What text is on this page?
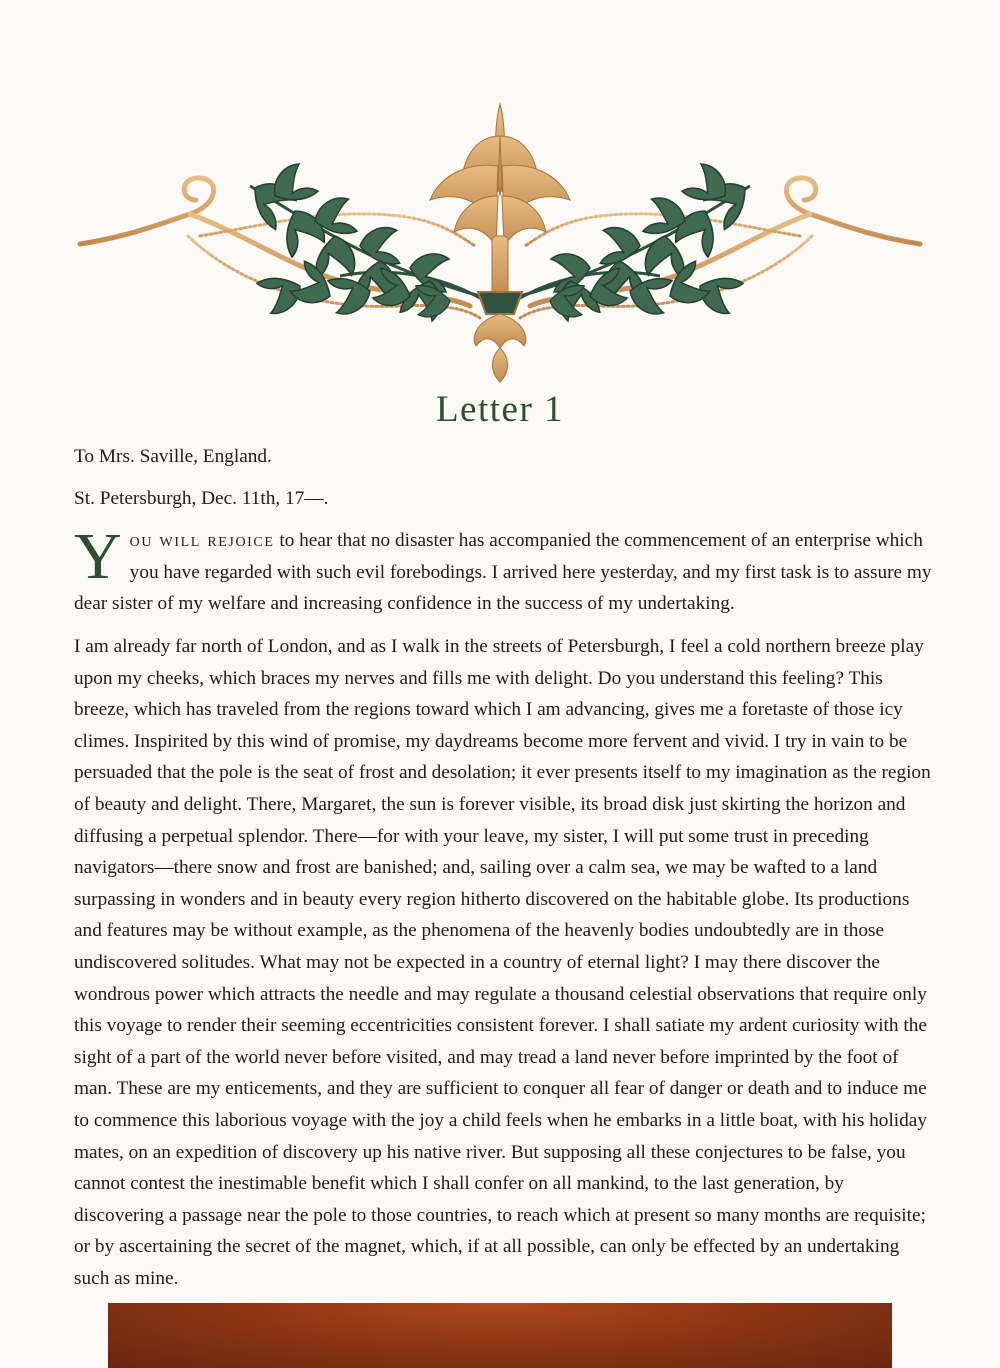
Letter 1

To Mrs. Saville, England.

St. Petersburgh, Dec. 11th, 17—.

You will rejoice to hear that no disaster has accompanied the commencement of an enterprise which you have regarded with such evil forebodings. I arrived here yesterday, and my first task is to assure my dear sister of my welfare and increasing confidence in the success of my undertaking.

I am already far north of London, and as I walk in the streets of Petersburgh, I feel a cold northern breeze play upon my cheeks, which braces my nerves and fills me with delight. Do you understand this feeling? This breeze, which has traveled from the regions toward which I am advancing, gives me a foretaste of those icy climes. Inspirited by this wind of promise, my daydreams become more fervent and vivid. I try in vain to be persuaded that the pole is the seat of frost and desolation; it ever presents itself to my imagination as the region of beauty and delight. There, Margaret, the sun is forever visible, its broad disk just skirting the horizon and diffusing a perpetual splendor. There—for with your leave, my sister, I will put some trust in preceding navigators—there snow and frost are banished; and, sailing over a calm sea, we may be wafted to a land surpassing in wonders and in beauty every region hitherto discovered on the habitable globe. Its productions and features may be without example, as the phenomena of the heavenly bodies undoubtedly are in those undiscovered solitudes. What may not be expected in a country of eternal light? I may there discover the wondrous power which attracts the needle and may regulate a thousand celestial observations that require only this voyage to render their seeming eccentricities consistent forever. I shall satiate my ardent curiosity with the sight of a part of the world never before visited, and may tread a land never before imprinted by the foot of man. These are my enticements, and they are sufficient to conquer all fear of danger or death and to induce me to commence this laborious voyage with the joy a child feels when he embarks in a little boat, with his holiday mates, on an expedition of discovery up his native river. But supposing all these conjectures to be false, you cannot contest the inestimable benefit which I shall confer on all mankind, to the last generation, by discovering a passage near the pole to those countries, to reach which at present so many months are requisite; or by ascertaining the secret of the magnet, which, if at all possible, can only be effected by an undertaking such as mine.
